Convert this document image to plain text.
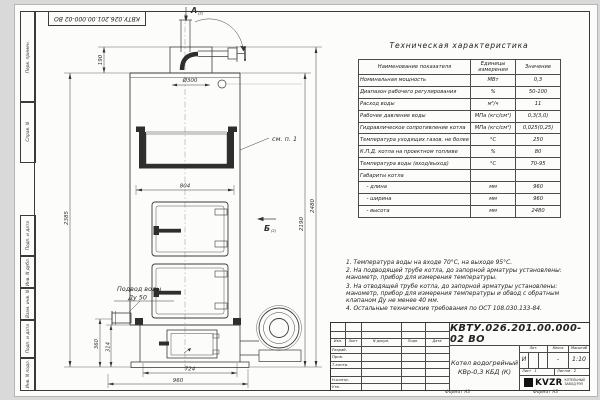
Перв. примен.
Справ. N
Подп. и дата
Инв. N дубл.
Взам. инв. N
Подп. и дата
Инв. N подл.
КВТУ.026.201.00.000-02 ВО
А (2)
Б (2)
см. п. 1
804
Ø300
190
2385	2190
2480
360 314
724
960
Подвод воды
Ду 50
Техническая характеристика
Наименование показателя	Единицы измерения	Значение
Номинальная мощность	МВт	0,3
Диапазон рабочего регулирования	%	50-100
Расход воды	м³/ч	11
Рабочее давление воды	МПа (кгс/см²)	0,3(3,0)
Гидравлическое сопротивление котла	МПа (кгс/см²)	0,025(0,25)
Температура уходящих газов, не более	°С	250
К.П.Д. котла на проектном топливе	%	80
Температура воды (вход/выход)	°С	70-95
Габариты котла		
- длина	мм	960
- ширина	мм	960
- высота	мм	2480
1. Температура воды на входе 70°С, на выходе 95°С.
2. На подводящей трубе котла, до запорной арматуры установлены: манометр, прибор для измерения температуры.
3. На отводящей трубе котла, до запорной арматуры установлены: манометр, прибор для измерения температуры и обвод с обратным клапаном Ду не менее 40 мм.
4. Остальные технические требования по ОСТ 108.030.133-84.
Изм.	Лист	N докум.	Подп.	Дата
Разраб.
Пров.
Т.контр.
Н.контр.
Утв.
КВТУ.026.201.00.000-02 ВО
Котел водогрейный
КВр-0,3 КБД (К)
Лит.	Масса	Масштаб
И	-	1:10
Лист 1	Листов 2
KVZR КОТЕЛЬНЫЙ
ЗАВОД РЭП
Формат А3	Формат А3
